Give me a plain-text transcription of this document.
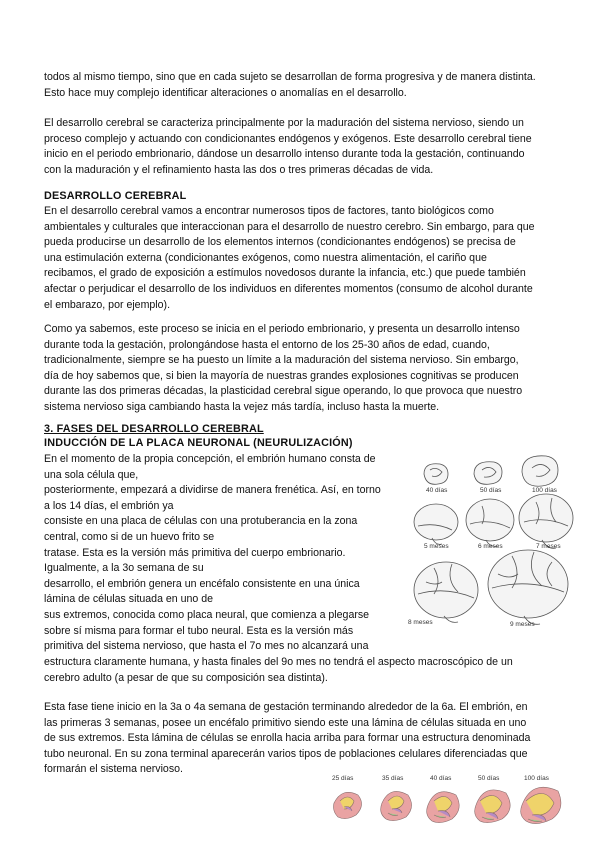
todos al mismo tiempo, sino que en cada sujeto se desarrollan de forma progresiva y de manera distinta.

Esto hace muy complejo identificar alteraciones o anomalías en el desarrollo.

El desarrollo cerebral se caracteriza principalmente por la maduración del sistema nervioso, siendo un

proceso complejo y actuando con condicionantes endógenos y exógenos. Este desarrollo cerebral tiene

inicio en el periodo embrionario, dándose un desarrollo intenso durante toda la gestación, continuando

con la maduración y el refinamiento hasta las dos o tres primeras décadas de vida.

DESARROLLO CEREBRAL

En el desarrollo cerebral vamos a encontrar numerosos tipos de factores, tanto biológicos como

ambientales y culturales que interaccionan para el desarrollo de nuestro cerebro. Sin embargo, para que

pueda producirse un desarrollo de los elementos internos (condicionantes endógenos) se precisa de

una estimulación externa (condicionantes exógenos, como nuestra alimentación, el cariño que

recibamos, el grado de exposición a estímulos novedosos durante la infancia, etc.) que puede también

afectar o perjudicar el desarrollo de los individuos en diferentes momentos (consumo de alcohol durante

el embarazo, por ejemplo).

Como ya sabemos, este proceso se inicia en el periodo embrionario, y presenta un desarrollo intenso

durante toda la gestación, prolongándose hasta el entorno de los 25-30 años de edad, cuando,

tradicionalmente, siempre se ha puesto un límite a la maduración del sistema nervioso. Sin embargo,

día de hoy sabemos que, si bien la mayoría de nuestras grandes explosiones cognitivas se producen

durante las dos primeras décadas, la plasticidad cerebral sigue operando, lo que provoca que nuestro

sistema nervioso siga cambiando hasta la vejez más tardía, incluso hasta la muerte.

3. FASES DEL DESARROLLO CEREBRAL
INDUCCIÓN DE LA PLACA NEURONAL (NEURULIZACIÓN)

En el momento de la propia concepción, el embrión humano consta de

una sola célula que,

posteriormente, empezará a dividirse de manera frenética. Así, en torno

a los 14 días, el embrión ya

consiste en una placa de células con una protuberancia en la zona

central, como si de un huevo frito se

tratase. Esta es la versión más primitiva del cuerpo embrionario.

Igualmente, a la 3o semana de su

desarrollo, el embrión genera un encéfalo consistente en una única

lámina de células situada en uno de

sus extremos, conocida como placa neural, que comienza a plegarse

sobre sí misma para formar el tubo neural. Esta es la versión más

primitiva del sistema nervioso, que hasta el 7o mes no alcanzará una

estructura claramente humana, y hasta finales del 9o mes no tendrá el aspecto macroscópico de un

cerebro adulto (a pesar de que su composición sea distinta).

Esta fase tiene inicio en la 3a o 4a semana de gestación terminando alrededor de la 6a. El embrión, en

las primeras 3 semanas, posee un encéfalo primitivo siendo este una lámina de células situada en uno

de sus extremos. Esta lámina de células se enrolla hacia arriba para formar una estructura denominada

tubo neuronal. En su zona terminal aparecerán varios tipos de poblaciones celulares diferenciadas que

formarán el sistema nervioso.

40 días	50 días	100 días
5 meses	6 meses	7 meses
8 meses	9 meses
25 días	35 días	40 días	50 días	100 días
